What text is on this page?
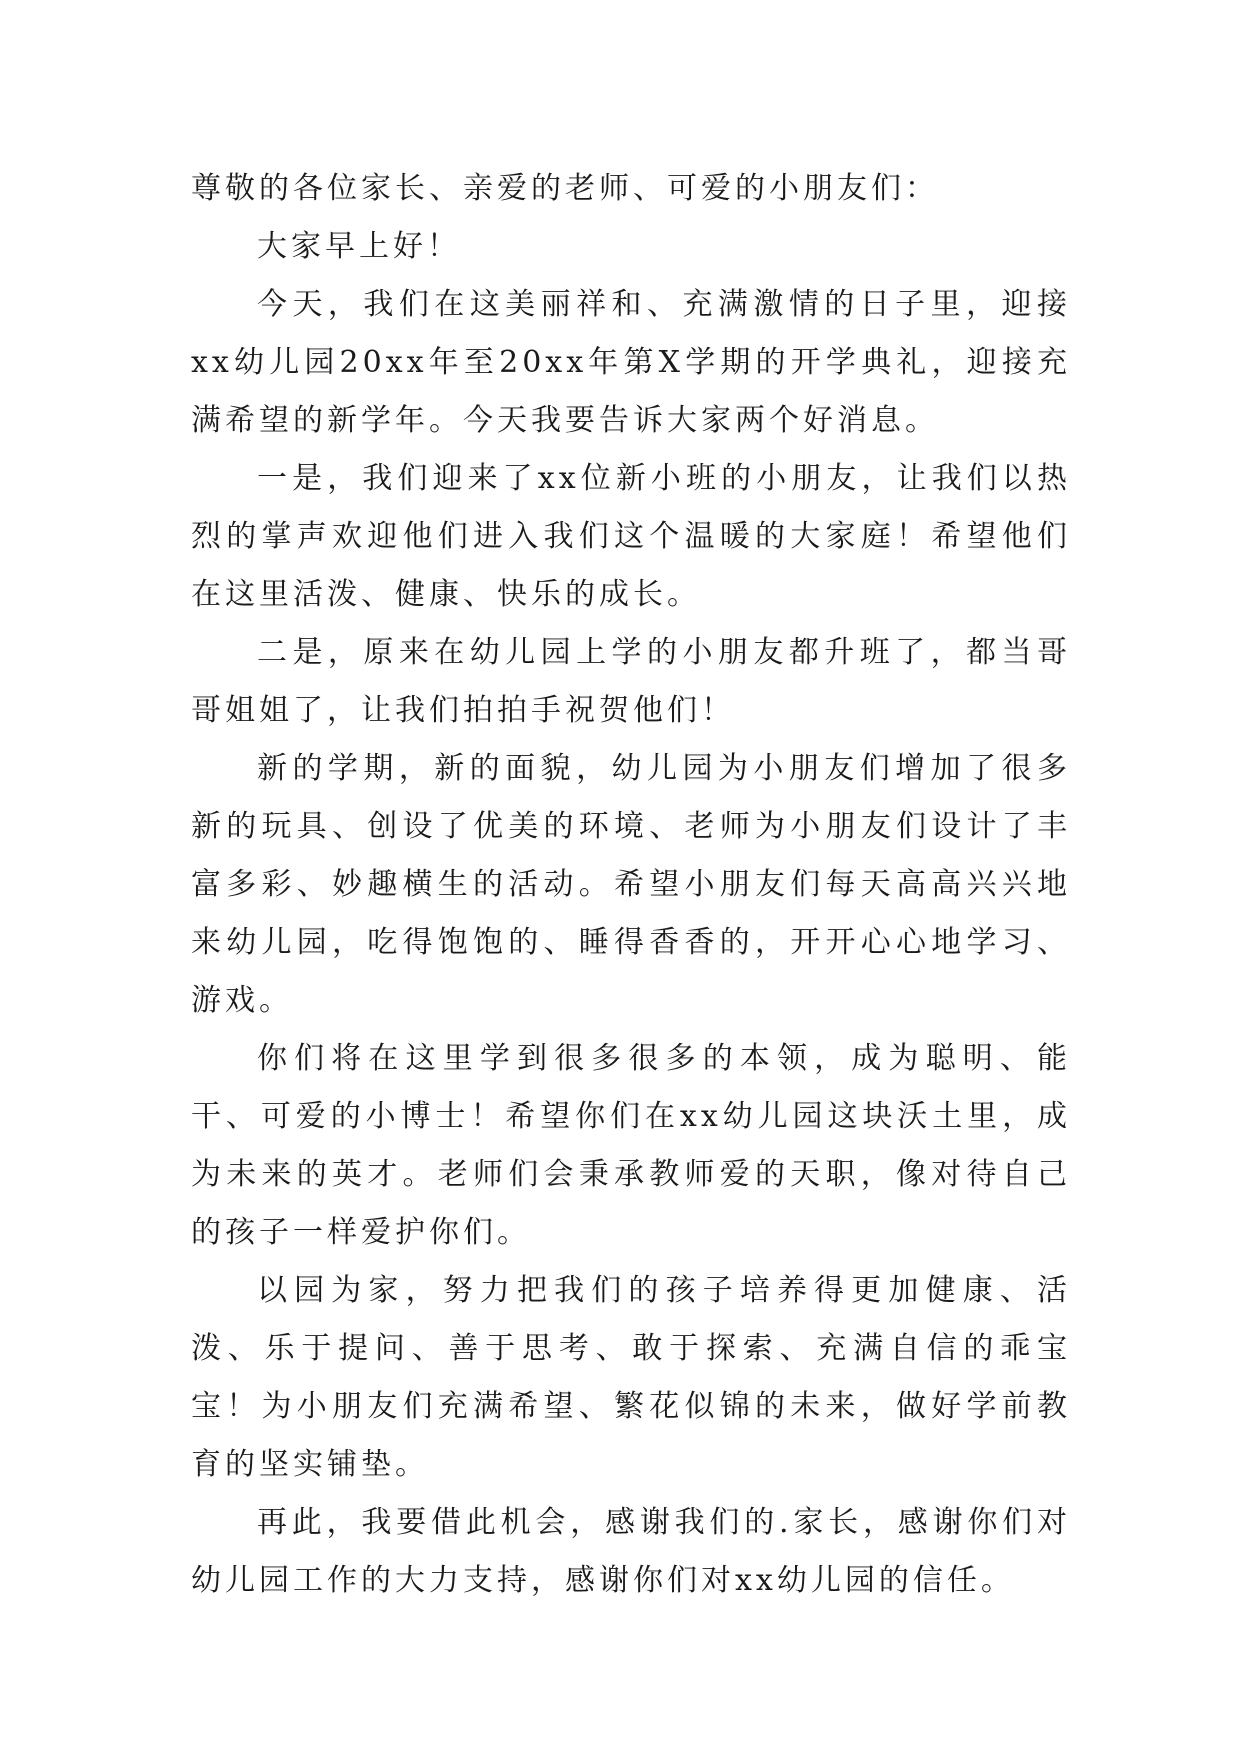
尊敬的各位家长、亲爱的老师、可爱的小朋友们：

大家早上好！

今天，我们在这美丽祥和、充满激情的日子里，迎接xx幼儿园20xx年至20xx年第X学期的开学典礼，迎接充满希望的新学年。今天我要告诉大家两个好消息。

一是，我们迎来了xx位新小班的小朋友，让我们以热烈的掌声欢迎他们进入我们这个温暖的大家庭！希望他们在这里活泼、健康、快乐的成长。

二是，原来在幼儿园上学的小朋友都升班了，都当哥哥姐姐了，让我们拍拍手祝贺他们！

新的学期，新的面貌，幼儿园为小朋友们增加了很多新的玩具、创设了优美的环境、老师为小朋友们设计了丰富多彩、妙趣横生的活动。希望小朋友们每天高高兴兴地来幼儿园，吃得饱饱的、睡得香香的，开开心心地学习、游戏。

你们将在这里学到很多很多的本领，成为聪明、能干、可爱的小博士！希望你们在xx幼儿园这块沃土里，成为未来的英才。老师们会秉承教师爱的天职，像对待自己的孩子一样爱护你们。

以园为家，努力把我们的孩子培养得更加健康、活泼、乐于提问、善于思考、敢于探索、充满自信的乖宝宝！为小朋友们充满希望、繁花似锦的未来，做好学前教育的坚实铺垫。

再此，我要借此机会，感谢我们的.家长，感谢你们对幼儿园工作的大力支持，感谢你们对xx幼儿园的信任。
